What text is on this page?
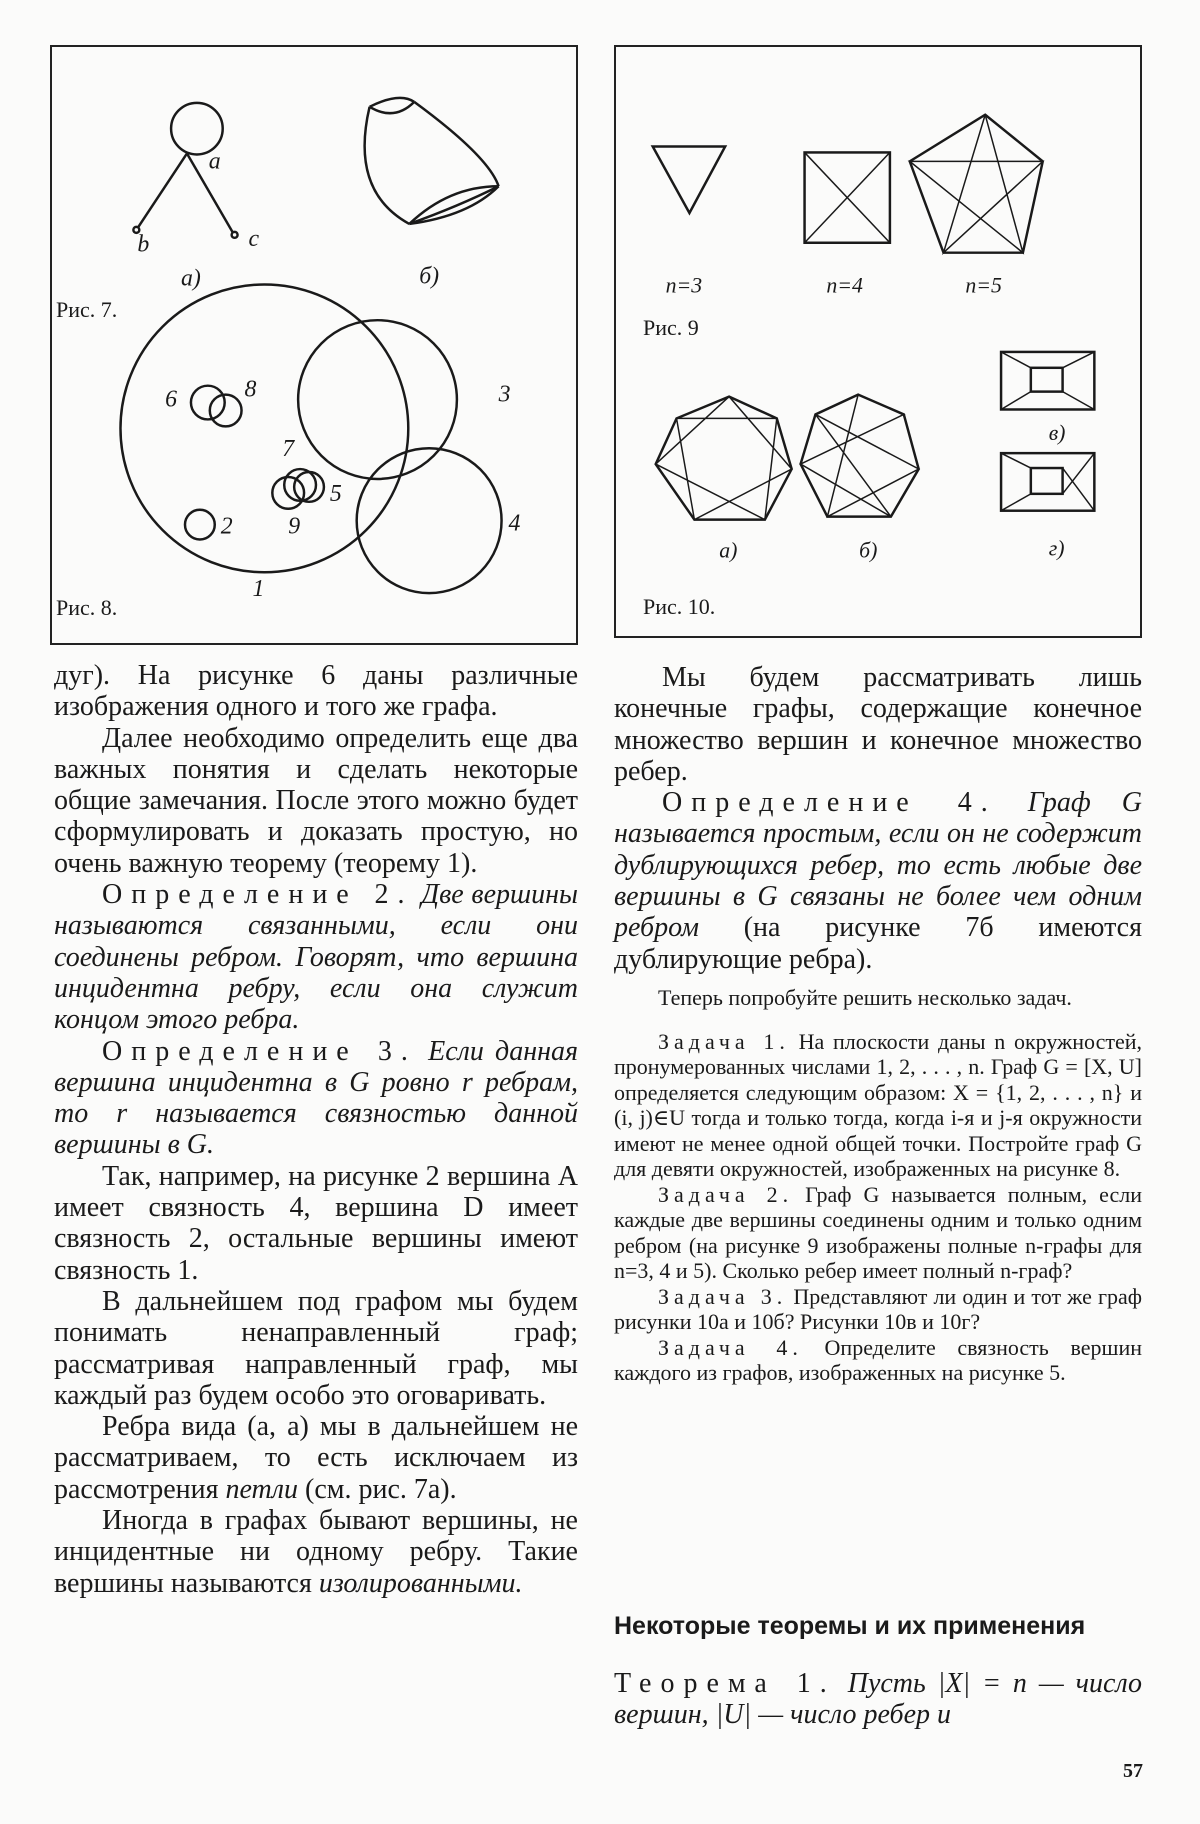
a
b	c
a)	б)
1
2
3
4
5
6
7
8
9
Рис. 7.
Рис. 8.
n=3	n=4	n=5
a)	б)
в)
г)
Рис. 9
Рис. 10.

дуг). На рисунке 6 даны различные изображения одного и того же графа.

Далее необходимо определить еще два важных понятия и сделать некоторые общие замечания. После этого можно будет сформулировать и доказать простую, но очень важную теорему (теорему 1).

Определение 2. Две вершины называются связанными, если они соединены ребром. Говорят, что вершина инцидентна ребру, если она служит концом этого ребра.

Определение 3. Если данная вершина инцидентна в G ровно r ребрам, то r называется связностью данной вершины в G.

Так, например, на рисунке 2 вершина A имеет связность 4, вершина D имеет связность 2, остальные вершины имеют связность 1.

В дальнейшем под графом мы будем понимать ненаправленный граф; рассматривая направленный граф, мы каждый раз будем особо это оговаривать.

Ребра вида (a, a) мы в дальнейшем не рассматриваем, то есть исключаем из рассмотрения петли (см. рис. 7a).

Иногда в графах бывают вершины, не инцидентные ни одному ребру. Такие вершины называются изолированными.

Мы будем рассматривать лишь конечные графы, содержащие конечное множество вершин и конечное множество ребер.

Определение 4. Граф G называется простым, если он не содержит дублирующихся ребер, то есть любые две вершины в G связаны не более чем одним ребром (на рисунке 7б имеются дублирующие ребра).

Теперь попробуйте решить несколько задач.

Задача 1. На плоскости даны n окружностей, пронумерованных числами 1, 2, . . . , n. Граф G = [X, U] определяется следующим образом: X = {1, 2, . . . , n} и (i, j)∈U тогда и только тогда, когда i-я и j-я окружности имеют не менее одной общей точки. Постройте граф G для девяти окружностей, изображенных на рисунке 8.

Задача 2. Граф G называется полным, если каждые две вершины соединены одним и только одним ребром (на рисунке 9 изображены полные n-графы для n=3, 4 и 5). Сколько ребер имеет полный n-граф?

Задача 3. Представляют ли один и тот же граф рисунки 10а и 10б? Рисунки 10в и 10г?

Задача 4. Определите связность вершин каждого из графов, изображенных на рисунке 5.

Некоторые теоремы и их применения

Теорема 1. Пусть |X| = n — число вершин, |U| — число ребер и

57
